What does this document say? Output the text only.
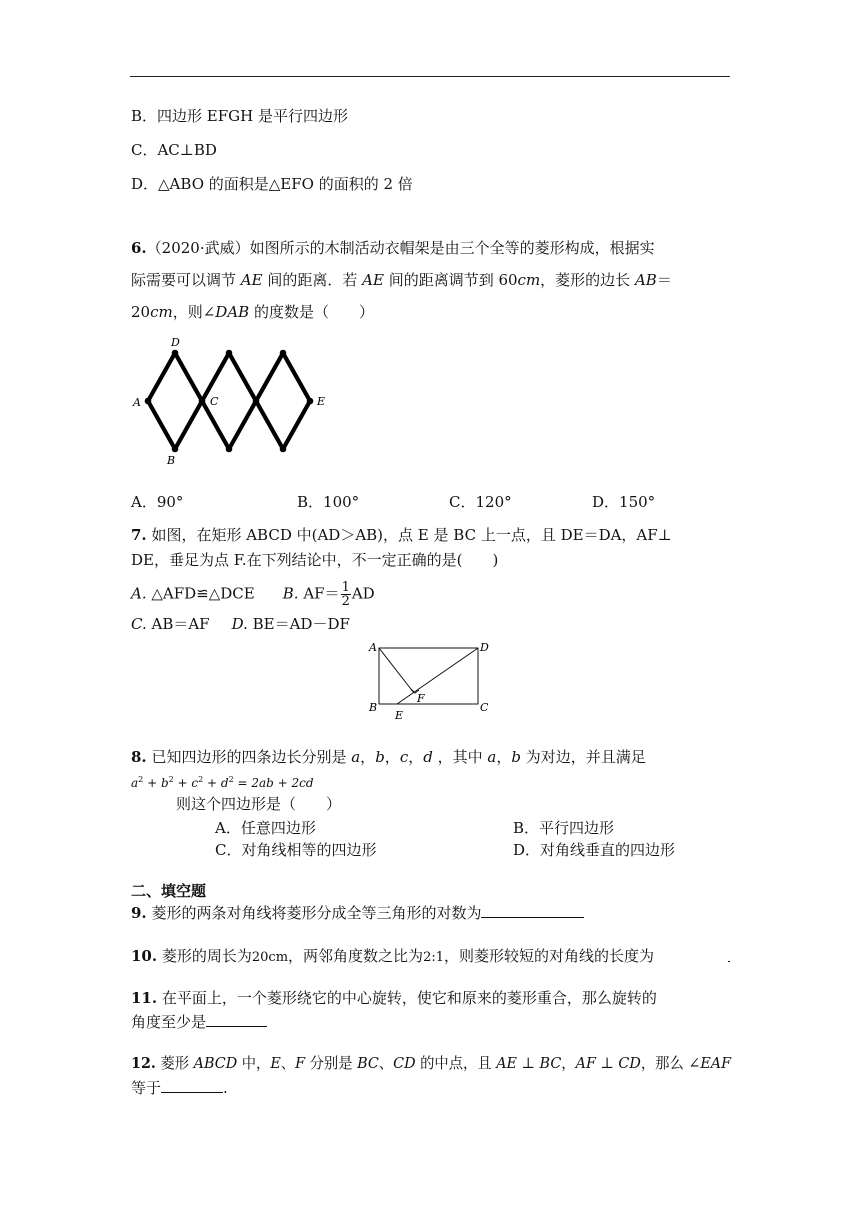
B．四边形 EFGH 是平行四边形
C．AC⊥BD
D．△ABO 的面积是△EFO 的面积的 2 倍
6.（2020·武威）如图所示的木制活动衣帽架是由三个全等的菱形构成，根据实
际需要可以调节 AE 间的距离．若 AE 间的距离调节到 60cm，菱形的边长 AB＝
20cm，则∠DAB 的度数是（　　）
A
D
C
B
E
A．90°	B．100°	C．120°	D．150°
7. 如图，在矩形 ABCD 中(AD＞AB)，点 E 是 BC 上一点，且 DE＝DA，AF⊥
DE，垂足为点 F.在下列结论中，不一定正确的是(　　)
A. △AFD≌△DCE B. $AF= \frac{1}{2}$ AD
C. AB＝AF D. BE＝AD－DF
A	D
B	C
E
F
8. 已知四边形的四条边长分别是 a，b，c，d ，其中 a，b 为对边，并且满足
$a^2 + b^2 + c^2 + d^2 = 2ab + 2cd$
则这个四边形是（　　）
A．任意四边形	B．平行四边形
C．对角线相等的四边形	D．对角线垂直的四边形
二、填空题
9. 菱形的两条对角线将菱形分成全等三角形的对数为
10. 菱形的周长为20cm，两邻角度数之比为2:1，则菱形较短的对角线的长度为
11. 在平面上，一个菱形绕它的中心旋转，使它和原来的菱形重合，那么旋转的
角度至少是
12. 菱形 ABCD 中，E、F 分别是 BC、CD 的中点，且 AE ⊥ BC，AF ⊥ CD，那么 ∠EAF
等于	.
